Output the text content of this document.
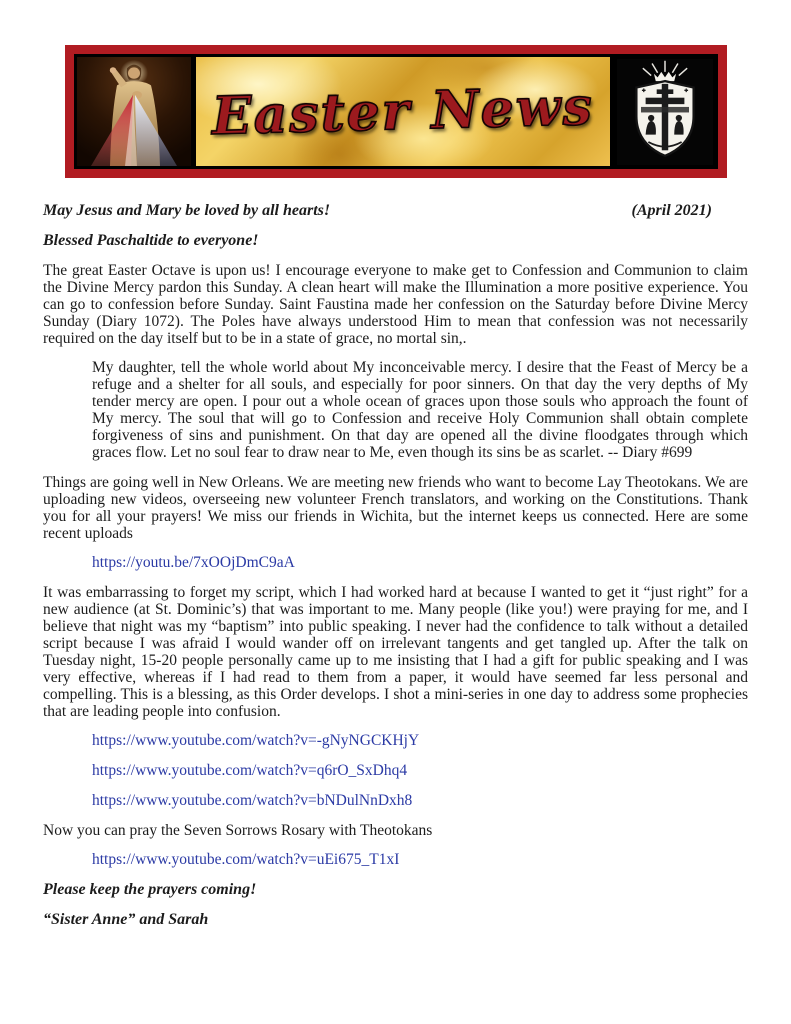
Easter News
May Jesus and Mary be loved by all hearts!	(April 2021)
Blessed Paschaltide to everyone!

The great Easter Octave is upon us! I encourage everyone to make get to Confession and Communion to claim the Divine Mercy pardon this Sunday. A clean heart will make the Illumination a more positive experience. You can go to confession before Sunday. Saint Faustina made her confession on the Saturday before Divine Mercy Sunday (Diary 1072). The Poles have always understood Him to mean that confession was not necessarily required on the day itself but to be in a state of grace, no mortal sin,.

My daughter, tell the whole world about My inconceivable mercy. I desire that the Feast of Mercy be a refuge and a shelter for all souls, and especially for poor sinners. On that day the very depths of My tender mercy are open. I pour out a whole ocean of graces upon those souls who approach the fount of My mercy. The soul that will go to Confession and receive Holy Communion shall obtain complete forgiveness of sins and punishment. On that day are opened all the divine floodgates through which graces flow. Let no soul fear to draw near to Me, even though its sins be as scarlet. -- Diary #699

Things are going well in New Orleans. We are meeting new friends who want to become Lay Theotokans. We are uploading new videos, overseeing new volunteer French translators, and working on the Constitutions. Thank you for all your prayers! We miss our friends in Wichita, but the internet keeps us connected. Here are some recent uploads

https://youtu.be/7xOOjDmC9aA

It was embarrassing to forget my script, which I had worked hard at because I wanted to get it “just right” for a new audience (at St. Dominic’s) that was important to me. Many people (like you!) were praying for me, and I believe that night was my “baptism” into public speaking. I never had the confidence to talk without a detailed script because I was afraid I would wander off on irrelevant tangents and get tangled up. After the talk on Tuesday night, 15-20 people personally came up to me insisting that I had a gift for public speaking and I was very effective, whereas if I had read to them from a paper, it would have seemed far less personal and compelling. This is a blessing, as this Order develops. I shot a mini-series in one day to address some prophecies that are leading people into confusion.

https://www.youtube.com/watch?v=-gNyNGCKHjY
https://www.youtube.com/watch?v=q6rO_SxDhq4
https://www.youtube.com/watch?v=bNDulNnDxh8

Now you can pray the Seven Sorrows Rosary with Theotokans

https://www.youtube.com/watch?v=uEi675_T1xI
Please keep the prayers coming!
“Sister Anne” and Sarah
